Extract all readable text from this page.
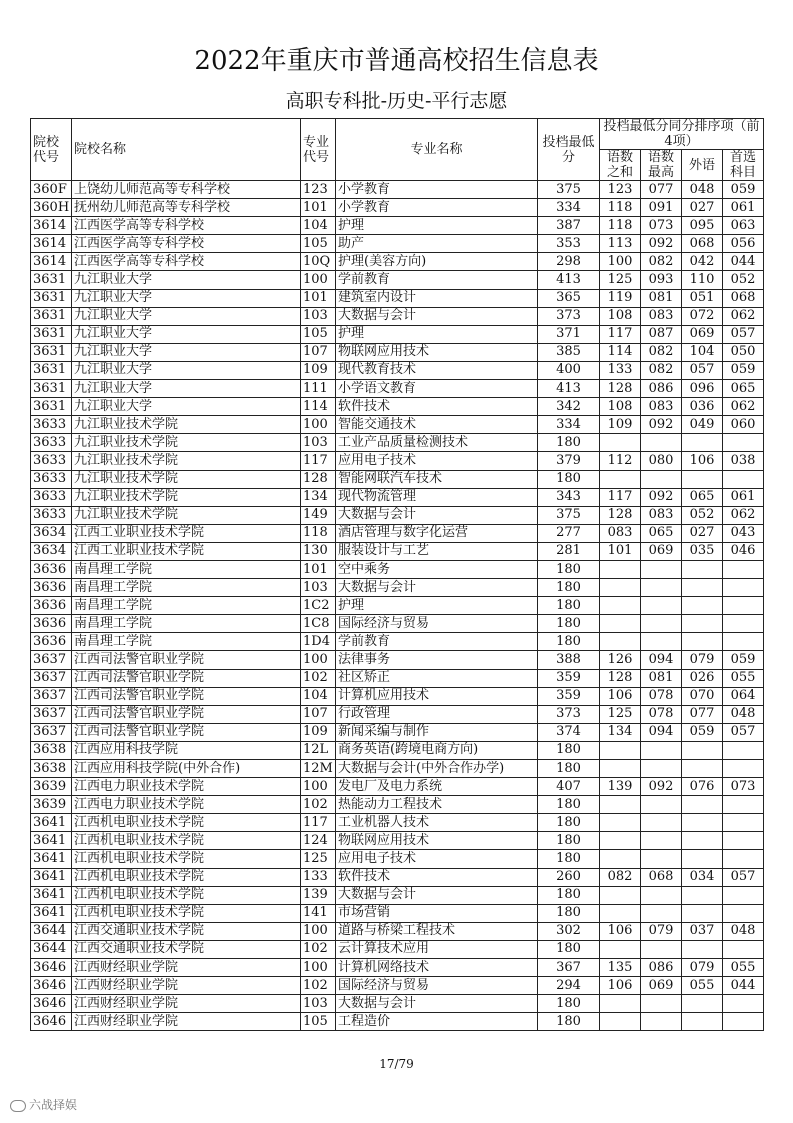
2022年重庆市普通高校招生信息表
高职专科批-历史-平行志愿
院校代号	院校名称	专业代号	专业名称	投档最低分	投档最低分同分排序项（前4项）			
					语数之和	语数最高	外语	首选科目
360F	上饶幼儿师范高等专科学校	123	小学教育	375	123	077	048	059
360H	抚州幼儿师范高等专科学校	101	小学教育	334	118	091	027	061
3614	江西医学高等专科学校	104	护理	387	118	073	095	063
3614	江西医学高等专科学校	105	助产	353	113	092	068	056
3614	江西医学高等专科学校	10Q	护理(美容方向)	298	100	082	042	044
3631	九江职业大学	100	学前教育	413	125	093	110	052
3631	九江职业大学	101	建筑室内设计	365	119	081	051	068
3631	九江职业大学	103	大数据与会计	373	108	083	072	062
3631	九江职业大学	105	护理	371	117	087	069	057
3631	九江职业大学	107	物联网应用技术	385	114	082	104	050
3631	九江职业大学	109	现代教育技术	400	133	082	057	059
3631	九江职业大学	111	小学语文教育	413	128	086	096	065
3631	九江职业大学	114	软件技术	342	108	083	036	062
3633	九江职业技术学院	100	智能交通技术	334	109	092	049	060
3633	九江职业技术学院	103	工业产品质量检测技术	180				
3633	九江职业技术学院	117	应用电子技术	379	112	080	106	038
3633	九江职业技术学院	128	智能网联汽车技术	180				
3633	九江职业技术学院	134	现代物流管理	343	117	092	065	061
3633	九江职业技术学院	149	大数据与会计	375	128	083	052	062
3634	江西工业职业技术学院	118	酒店管理与数字化运营	277	083	065	027	043
3634	江西工业职业技术学院	130	服装设计与工艺	281	101	069	035	046
3636	南昌理工学院	101	空中乘务	180				
3636	南昌理工学院	103	大数据与会计	180				
3636	南昌理工学院	1C2	护理	180				
3636	南昌理工学院	1C8	国际经济与贸易	180				
3636	南昌理工学院	1D4	学前教育	180				
3637	江西司法警官职业学院	100	法律事务	388	126	094	079	059
3637	江西司法警官职业学院	102	社区矫正	359	128	081	026	055
3637	江西司法警官职业学院	104	计算机应用技术	359	106	078	070	064
3637	江西司法警官职业学院	107	行政管理	373	125	078	077	048
3637	江西司法警官职业学院	109	新闻采编与制作	374	134	094	059	057
3638	江西应用科技学院	12L	商务英语(跨境电商方向)	180				
3638	江西应用科技学院(中外合作)	12M	大数据与会计(中外合作办学)	180				
3639	江西电力职业技术学院	100	发电厂及电力系统	407	139	092	076	073
3639	江西电力职业技术学院	102	热能动力工程技术	180				
3641	江西机电职业技术学院	117	工业机器人技术	180				
3641	江西机电职业技术学院	124	物联网应用技术	180				
3641	江西机电职业技术学院	125	应用电子技术	180				
3641	江西机电职业技术学院	133	软件技术	260	082	068	034	057
3641	江西机电职业技术学院	139	大数据与会计	180				
3641	江西机电职业技术学院	141	市场营销	180				
3644	江西交通职业技术学院	100	道路与桥梁工程技术	302	106	079	037	048
3644	江西交通职业技术学院	102	云计算技术应用	180				
3646	江西财经职业学院	100	计算机网络技术	367	135	086	079	055
3646	江西财经职业学院	102	国际经济与贸易	294	106	069	055	044
3646	江西财经职业学院	103	大数据与会计	180				
3646	江西财经职业学院	105	工程造价	180				
17/79
六战择娱
